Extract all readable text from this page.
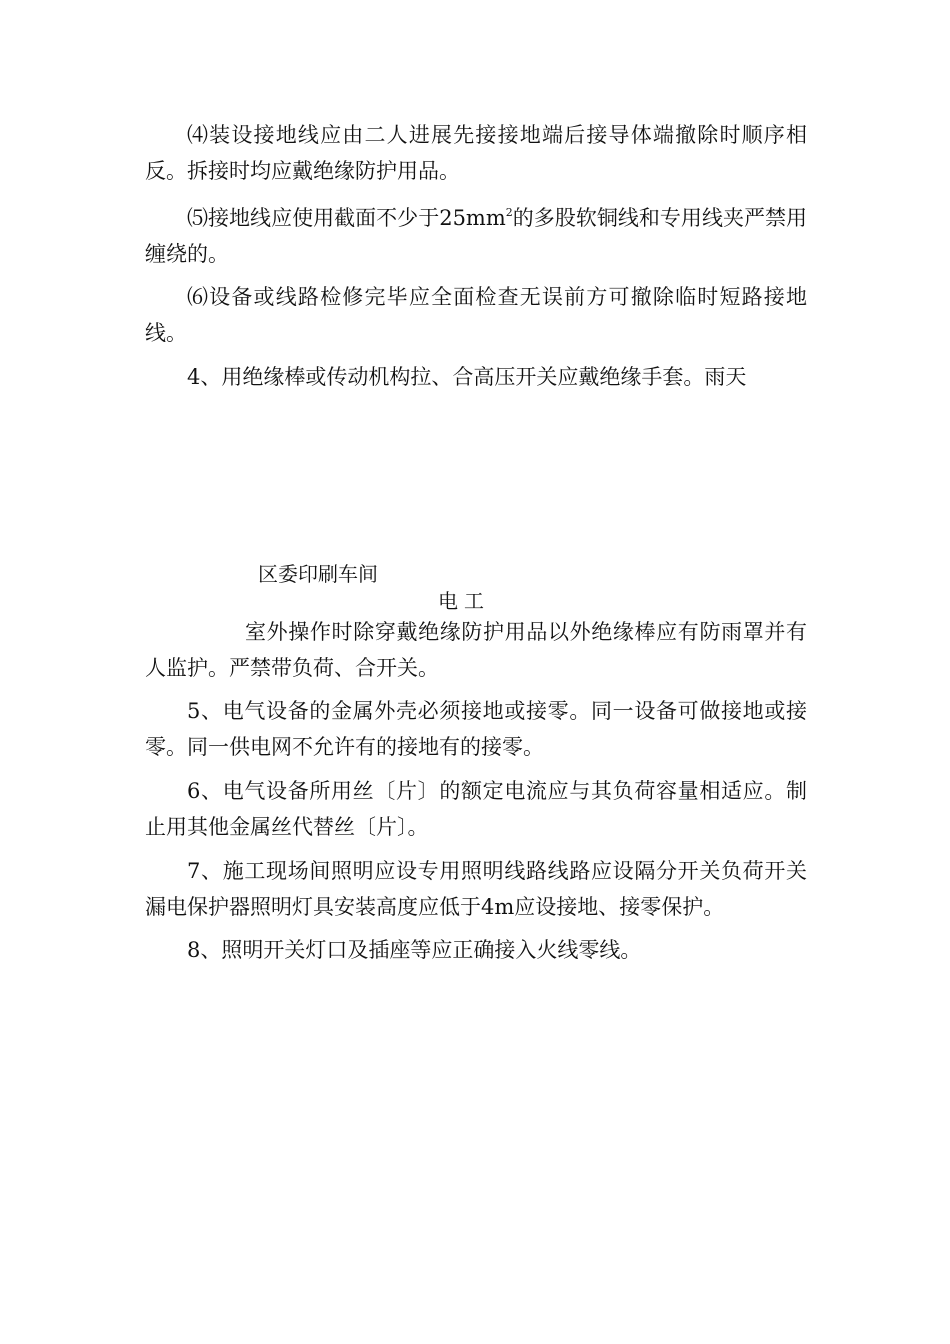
⑷装设接地线应由二人进展先接接地端后接导体端撤除时顺序相反。拆接时均应戴绝缘防护用品。

⑸接地线应使用截面不少于$25mm^2$的多股软铜线和专用线夹严禁用缠绕的。

⑹设备或线路检修完毕应全面检查无误前方可撤除临时短路接地线。

4、用绝缘棒或传动机构拉、合高压开关应戴绝缘手套。雨天

区委印刷车间
电工

室外操作时除穿戴绝缘防护用品以外绝缘棒应有防雨罩并有人监护。严禁带负荷、合开关。

5、电气设备的金属外壳必须接地或接零。同一设备可做接地或接零。同一供电网不允许有的接地有的接零。

6、电气设备所用丝〔片〕的额定电流应与其负荷容量相适应。制止用其他金属丝代替丝〔片〕。

7、施工现场间照明应设专用照明线路线路应设隔分开关负荷开关漏电保护器照明灯具安装高度应低于4m应设接地、接零保护。

8、照明开关灯口及插座等应正确接入火线零线。
